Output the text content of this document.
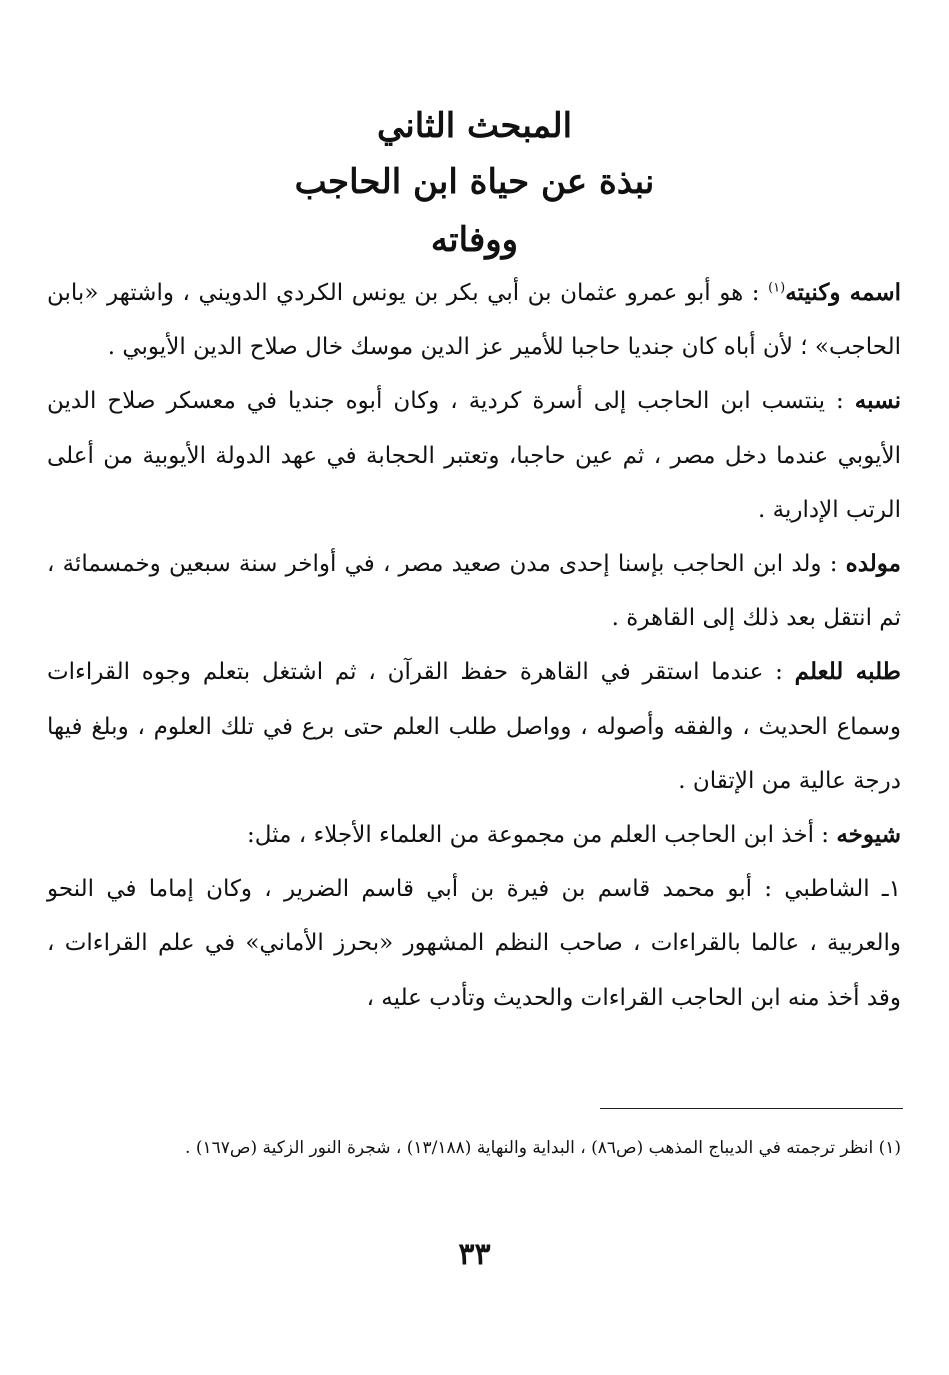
المبحث الثاني
نبذة عن حياة ابن الحاجب
ووفاته

اسمه وكنيته$^{(١)}$ : هو أبو عمرو عثمان بن أبي بكر بن يونس الكردي الدويني ، واشتهر «بابن الحاجب» ؛ لأن أباه كان جنديا حاجبا للأمير عز الدين موسك خال صلاح الدين الأيوبي .

نسبه : ينتسب ابن الحاجب إلى أسرة كردية ، وكان أبوه جنديا في معسكر صلاح الدين الأيوبي عندما دخل مصر ، ثم عين حاجبا، وتعتبر الحجابة في عهد الدولة الأيوبية من أعلى الرتب الإدارية .

مولده : ولد ابن الحاجب بإسنا إحدى مدن صعيد مصر ، في أواخر سنة سبعين وخمسمائة ، ثم انتقل بعد ذلك إلى القاهرة .

طلبه للعلم : عندما استقر في القاهرة حفظ القرآن ، ثم اشتغل بتعلم وجوه القراءات وسماع الحديث ، والفقه وأصوله ، وواصل طلب العلم حتى برع في تلك العلوم ، وبلغ فيها درجة عالية من الإتقان .

شيوخه : أخذ ابن الحاجب العلم من مجموعة من العلماء الأجلاء ، مثل:

١ـ الشاطبي : أبو محمد قاسم بن فيرة بن أبي قاسم الضرير ، وكان إماما في النحو والعربية ، عالما بالقراءات ، صاحب النظم المشهور «بحرز الأماني» في علم القراءات ، وقد أخذ منه ابن الحاجب القراءات والحديث وتأدب عليه ،

(١) انظر ترجمته في الديباج المذهب (ص٨٦) ، البداية والنهاية (١٣/١٨٨) ، شجرة النور الزكية (ص١٦٧) .

٣٣
